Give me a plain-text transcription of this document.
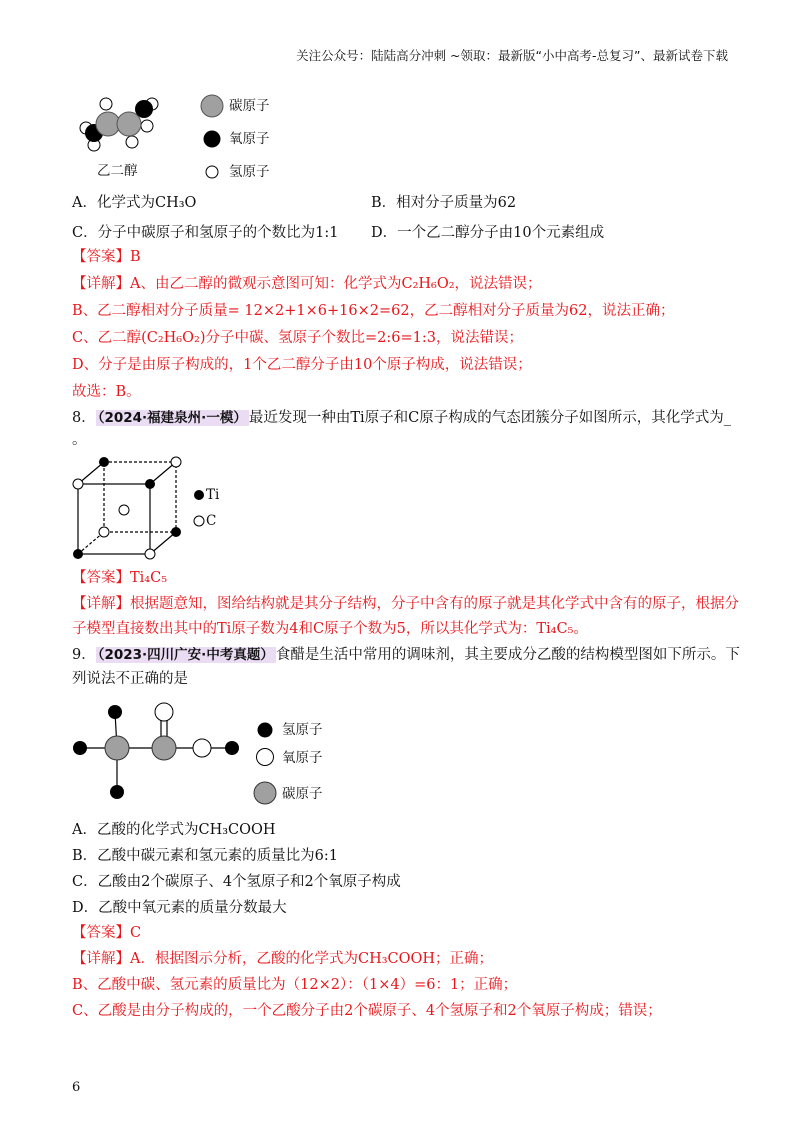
关注公众号：陆陆高分冲刺 ~领取：最新版“小中高考-总复习”、最新试卷下载
乙二醇
碳原子
氧原子
氢原子
A．化学式为CH₃O	B．相对分子质量为62
C．分子中碳原子和氢原子的个数比为1:1 D．一个乙二醇分子由10个元素组成
【答案】B
【详解】A、由乙二醇的微观示意图可知：化学式为C₂H₆O₂，说法错误；
B、乙二醇相对分子质量= 12×2+1×6+16×2=62，乙二醇相对分子质量为62，说法正确；
C、乙二醇(C₂H₆O₂)分子中碳、氢原子个数比=2:6=1:3，说法错误；
D、分子是由原子构成的，1个乙二醇分子由10个原子构成，说法错误；
故选：B。
8． （2024·福建泉州·一模） 最近发现一种由Ti原子和C原子构成的气态团簇分子如图所示，其化学式为_
。
Ti
C
【答案】Ti₄C₅
【详解】根据题意知，图给结构就是其分子结构，分子中含有的原子就是其化学式中含有的原子，根据分
子模型直接数出其中的Ti原子数为4和C原子个数为5，所以其化学式为：Ti₄C₅。
9． （2023·四川广安·中考真题） 食醋是生活中常用的调味剂，其主要成分乙酸的结构模型图如下所示。下
列说法不正确的是
氢原子
氧原子
碳原子
A．乙酸的化学式为CH₃COOH
B．乙酸中碳元素和氢元素的质量比为6:1
C．乙酸由2个碳原子、4个氢原子和2个氧原子构成
D．乙酸中氧元素的质量分数最大
【答案】C
【详解】A．根据图示分析，乙酸的化学式为CH₃COOH；正确；
B、乙酸中碳、氢元素的质量比为（12×2）：（1×4）=6：1；正确；
C、乙酸是由分子构成的，一个乙酸分子由2个碳原子、4个氢原子和2个氧原子构成；错误；
6
